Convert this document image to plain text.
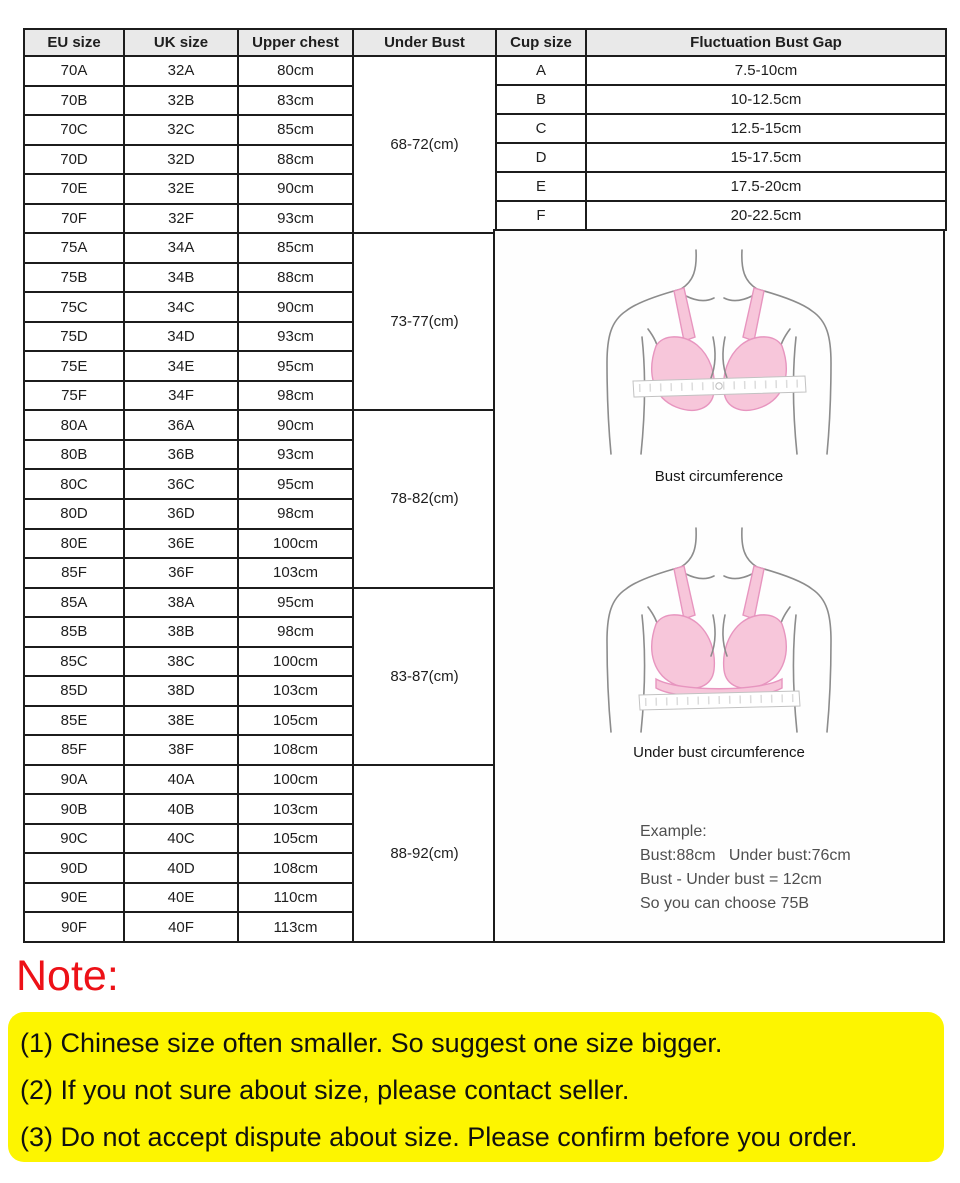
EU size	UK size	Upper chest	Under Bust
70A	32A	80cm	68-72(cm)
70B	32B	83cm	
70C	32C	85cm	
70D	32D	88cm	
70E	32E	90cm	
70F	32F	93cm	
75A	34A	85cm	73-77(cm)
75B	34B	88cm	
75C	34C	90cm	
75D	34D	93cm	
75E	34E	95cm	
75F	34F	98cm	
80A	36A	90cm	78-82(cm)
80B	36B	93cm	
80C	36C	95cm	
80D	36D	98cm	
80E	36E	100cm	
85F	36F	103cm	
85A	38A	95cm	83-87(cm)
85B	38B	98cm	
85C	38C	100cm	
85D	38D	103cm	
85E	38E	105cm	
85F	38F	108cm	
90A	40A	100cm	88-92(cm)
90B	40B	103cm	
90C	40C	105cm	
90D	40D	108cm	
90E	40E	110cm	
90F	40F	113cm	
Cup size	Fluctuation Bust Gap
A	7.5-10cm
B	10-12.5cm
C	12.5-15cm
D	15-17.5cm
E	17.5-20cm
F	20-22.5cm
Bust circumference
Under bust circumference
Example:
Bust:88cm   Under bust:76cm
Bust - Under bust = 12cm
So you can choose 75B
Note:
(1) Chinese size often smaller. So suggest one size bigger.
(2) If you not sure about size, please contact seller.
(3) Do not accept dispute about size. Please confirm before you order.
